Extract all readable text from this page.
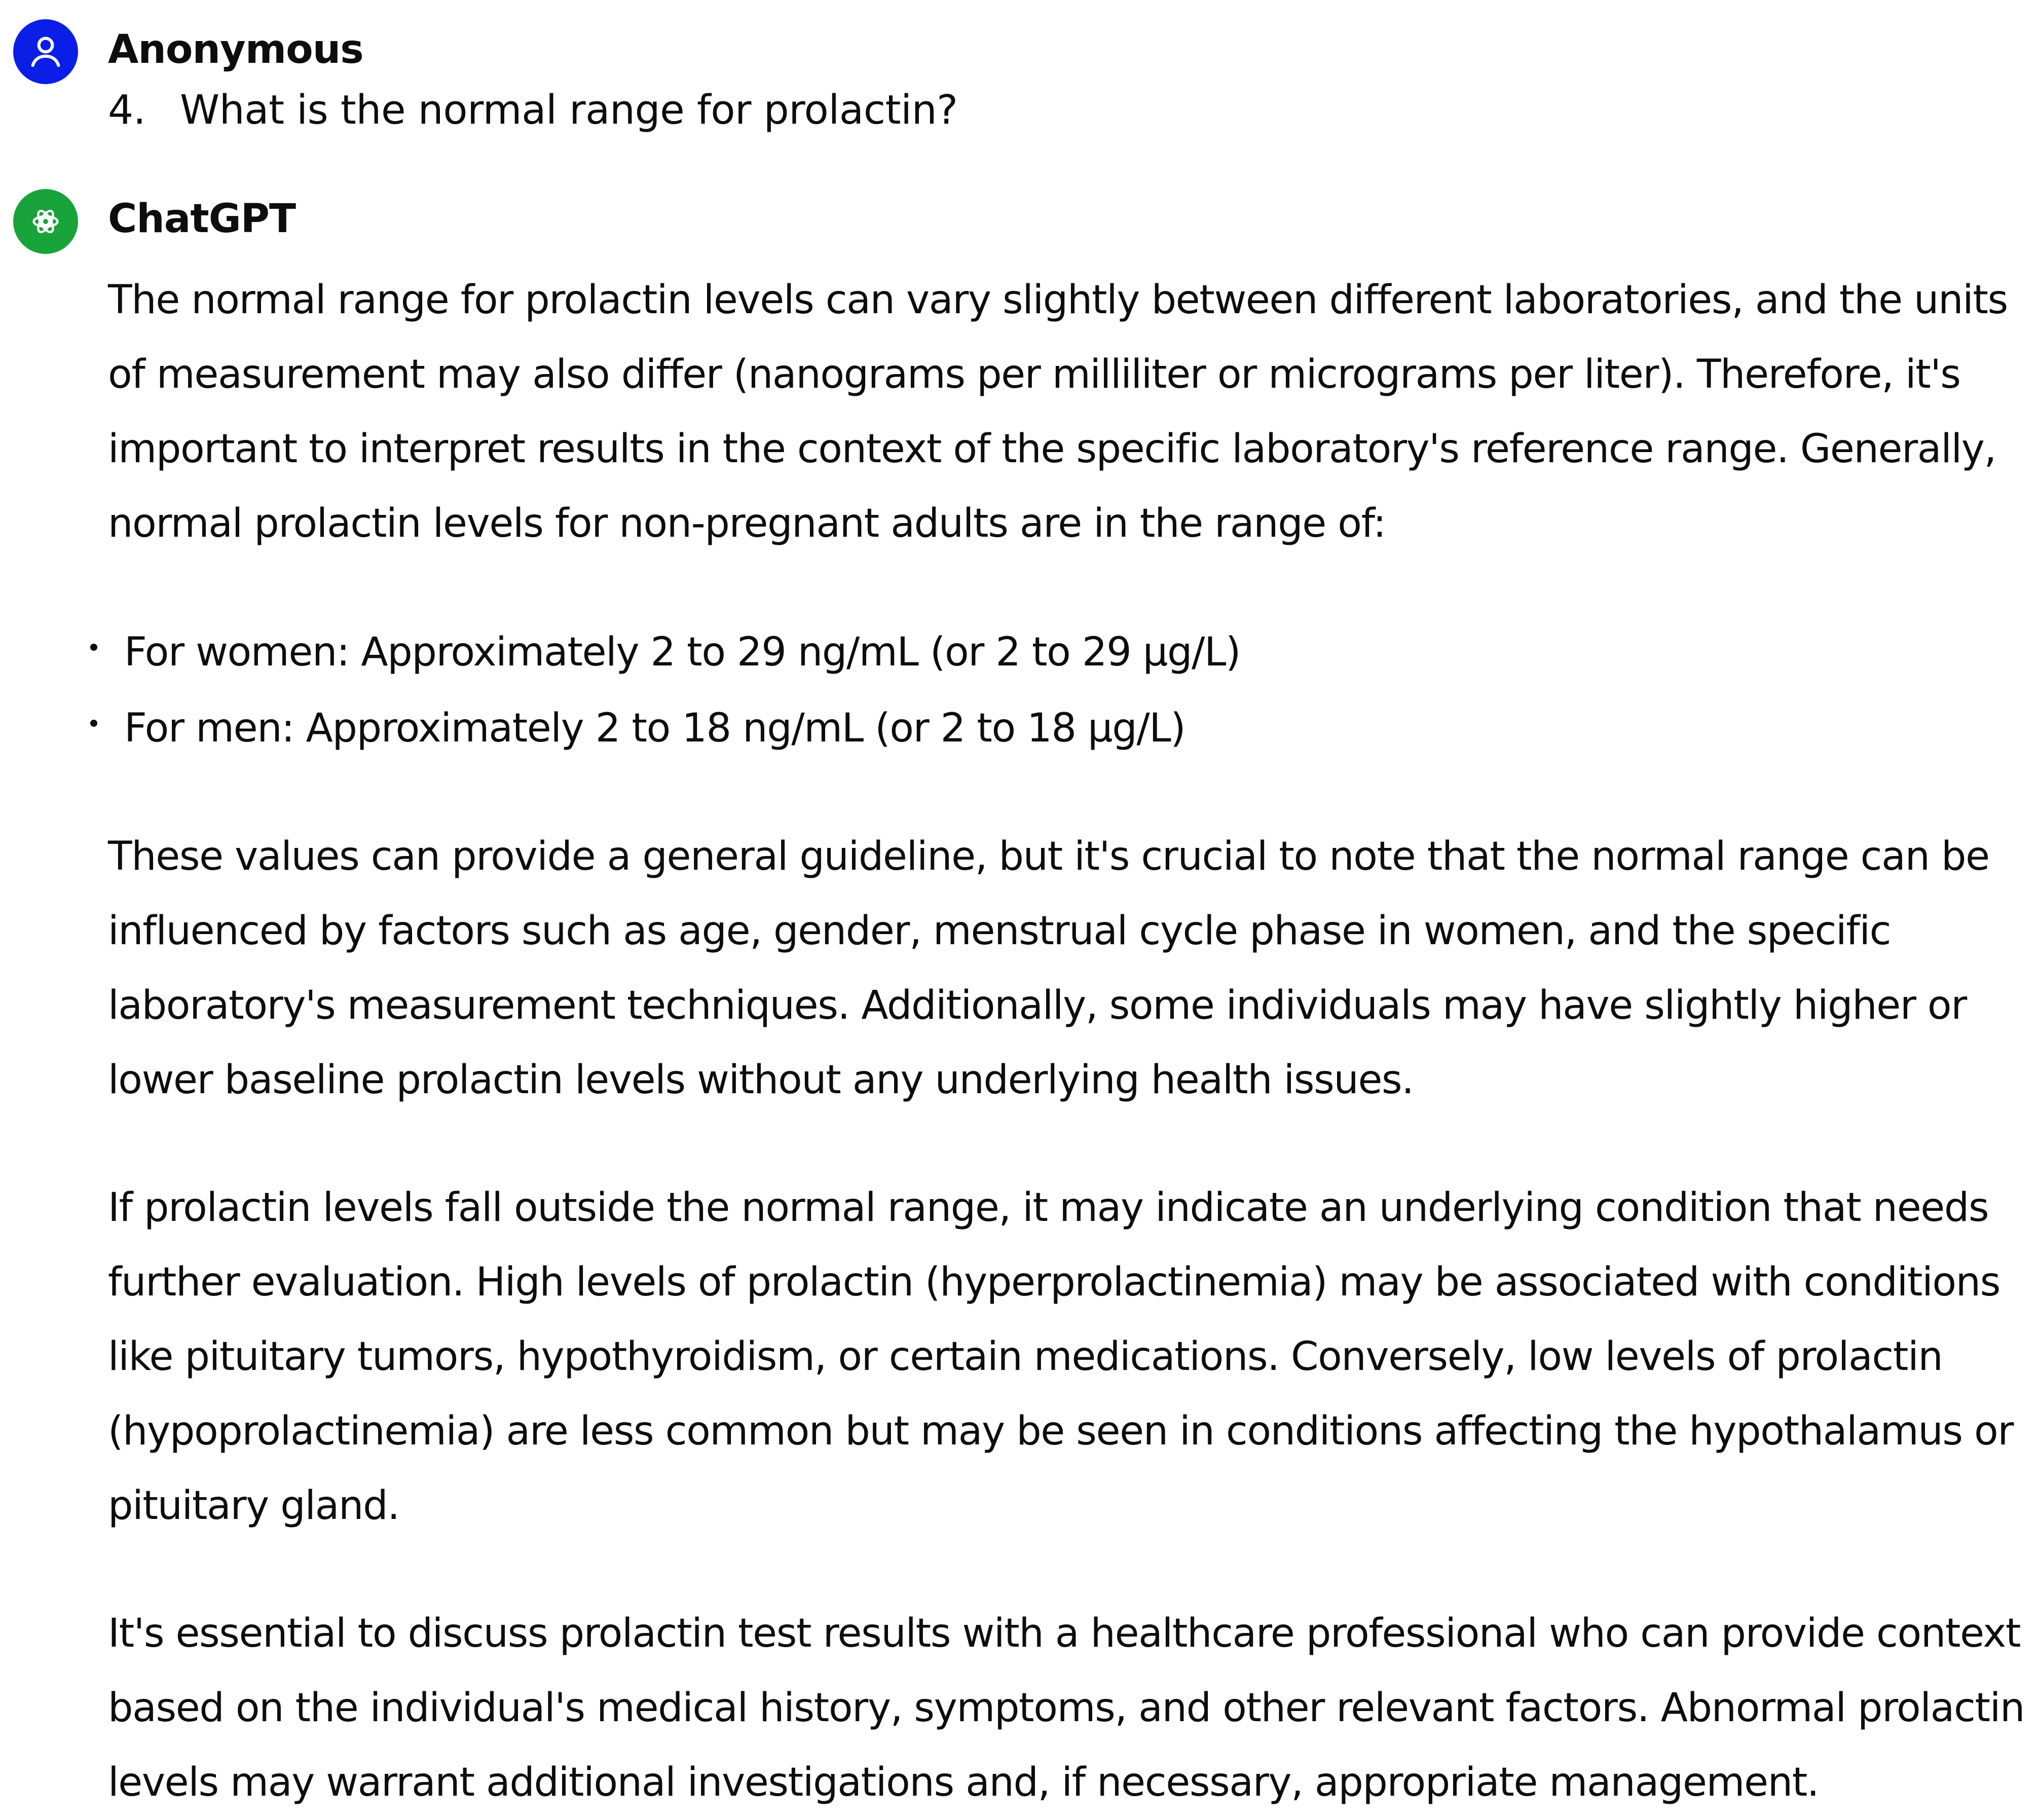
Anonymous
4. What is the normal range for prolactin?
ChatGPT

The normal range for prolactin levels can vary slightly between different laboratories, and the units of measurement may also differ (nanograms per milliliter or micrograms per liter). Therefore, it's important to interpret results in the context of the specific laboratory's reference range. Generally, normal prolactin levels for non-pregnant adults are in the range of:

For women: Approximately 2 to 29 ng/mL (or 2 to 29 μg/L)
For men: Approximately 2 to 18 ng/mL (or 2 to 18 μg/L)

These values can provide a general guideline, but it's crucial to note that the normal range can be influenced by factors such as age, gender, menstrual cycle phase in women, and the specific laboratory's measurement techniques. Additionally, some individuals may have slightly higher or lower baseline prolactin levels without any underlying health issues.

If prolactin levels fall outside the normal range, it may indicate an underlying condition that needs further evaluation. High levels of prolactin (hyperprolactinemia) may be associated with conditions like pituitary tumors, hypothyroidism, or certain medications. Conversely, low levels of prolactin (hypoprolactinemia) are less common but may be seen in conditions affecting the hypothalamus or pituitary gland.

It's essential to discuss prolactin test results with a healthcare professional who can provide context based on the individual's medical history, symptoms, and other relevant factors. Abnormal prolactin levels may warrant additional investigations and, if necessary, appropriate management.
